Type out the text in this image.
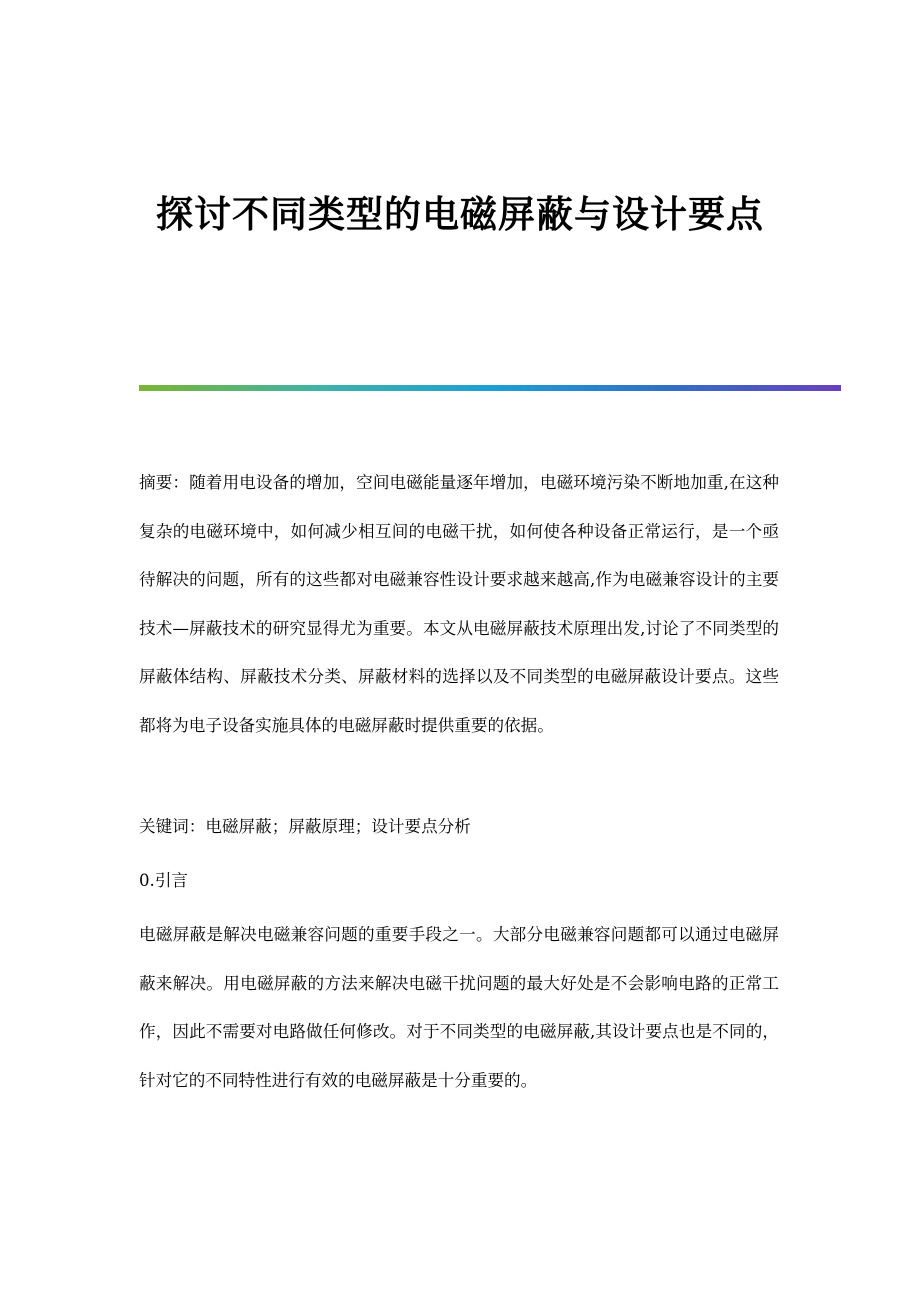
探讨不同类型的电磁屏蔽与设计要点

摘要：随着用电设备的增加，空间电磁能量逐年增加，电磁环境污染不断地加重,在这种复杂的电磁环境中，如何减少相互间的电磁干扰，如何使各种设备正常运行，是一个亟待解决的问题，所有的这些都对电磁兼容性设计要求越来越高,作为电磁兼容设计的主要技术—屏蔽技术的研究显得尤为重要。本文从电磁屏蔽技术原理出发,讨论了不同类型的屏蔽体结构、屏蔽技术分类、屏蔽材料的选择以及不同类型的电磁屏蔽设计要点。这些都将为电子设备实施具体的电磁屏蔽时提供重要的依据。

关键词：电磁屏蔽；屏蔽原理；设计要点分析

0.引言

电磁屏蔽是解决电磁兼容问题的重要手段之一。大部分电磁兼容问题都可以通过电磁屏蔽来解决。用电磁屏蔽的方法来解决电磁干扰问题的最大好处是不会影响电路的正常工作，因此不需要对电路做任何修改。对于不同类型的电磁屏蔽,其设计要点也是不同的，针对它的不同特性进行有效的电磁屏蔽是十分重要的。
